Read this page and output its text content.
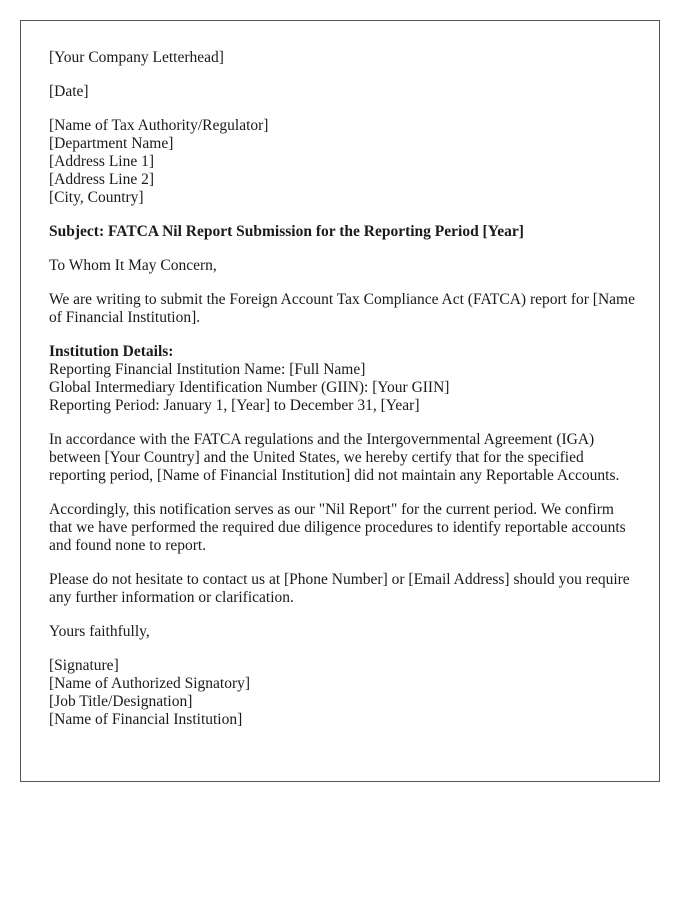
[Your Company Letterhead]
[Date]
[Name of Tax Authority/Regulator]
[Department Name]
[Address Line 1]
[Address Line 2]
[City, Country]
Subject: FATCA Nil Report Submission for the Reporting Period [Year]
To Whom It May Concern,
We are writing to submit the Foreign Account Tax Compliance Act (FATCA) report for [Name of Financial Institution].
Institution Details:
Reporting Financial Institution Name: [Full Name]
Global Intermediary Identification Number (GIIN): [Your GIIN]
Reporting Period: January 1, [Year] to December 31, [Year]
In accordance with the FATCA regulations and the Intergovernmental Agreement (IGA) between [Your Country] and the United States, we hereby certify that for the specified reporting period, [Name of Financial Institution] did not maintain any Reportable Accounts.
Accordingly, this notification serves as our "Nil Report" for the current period. We confirm that we have performed the required due diligence procedures to identify reportable accounts and found none to report.
Please do not hesitate to contact us at [Phone Number] or [Email Address] should you require any further information or clarification.
Yours faithfully,
[Signature]
[Name of Authorized Signatory]
[Job Title/Designation]
[Name of Financial Institution]
